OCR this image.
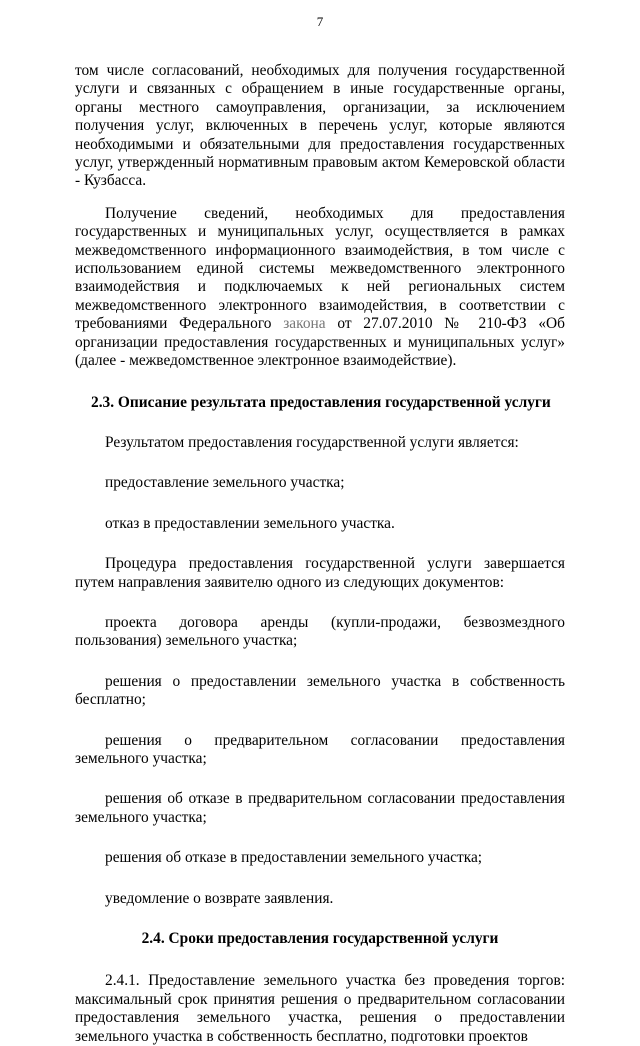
7

том числе согласований, необходимых для получения государственной услуги и связанных с обращением в иные государственные органы, органы местного самоуправления, организации, за исключением получения услуг, включенных в перечень услуг, которые являются необходимыми и обязательными для предоставления государственных услуг, утвержденный нормативным правовым актом Кемеровской области - Кузбасса.

Получение сведений, необходимых для предоставления государственных и муниципальных услуг, осуществляется в рамках межведомственного информационного взаимодействия, в том числе с использованием единой системы межведомственного электронного взаимодействия и подключаемых к ней региональных систем межведомственного электронного взаимодействия, в соответствии с требованиями Федерального закона от 27.07.2010 № 210-ФЗ «Об организации предоставления государственных и муниципальных услуг» (далее - межведомственное электронное взаимодействие).

2.3. Описание результата предоставления государственной услуги

Результатом предоставления государственной услуги является:

предоставление земельного участка;

отказ в предоставлении земельного участка.

Процедура предоставления государственной услуги завершается путем направления заявителю одного из следующих документов:

проекта договора аренды (купли-продажи, безвозмездного пользования) земельного участка;

решения о предоставлении земельного участка в собственность бесплатно;

решения о предварительном согласовании предоставления земельного участка;

решения об отказе в предварительном согласовании предоставления земельного участка;

решения об отказе в предоставлении земельного участка;

уведомление о возврате заявления.

2.4. Сроки предоставления государственной услуги

2.4.1. Предоставление земельного участка без проведения торгов: максимальный срок принятия решения о предварительном согласовании предоставления земельного участка, решения о предоставлении земельного участка в собственность бесплатно, подготовки проектов
